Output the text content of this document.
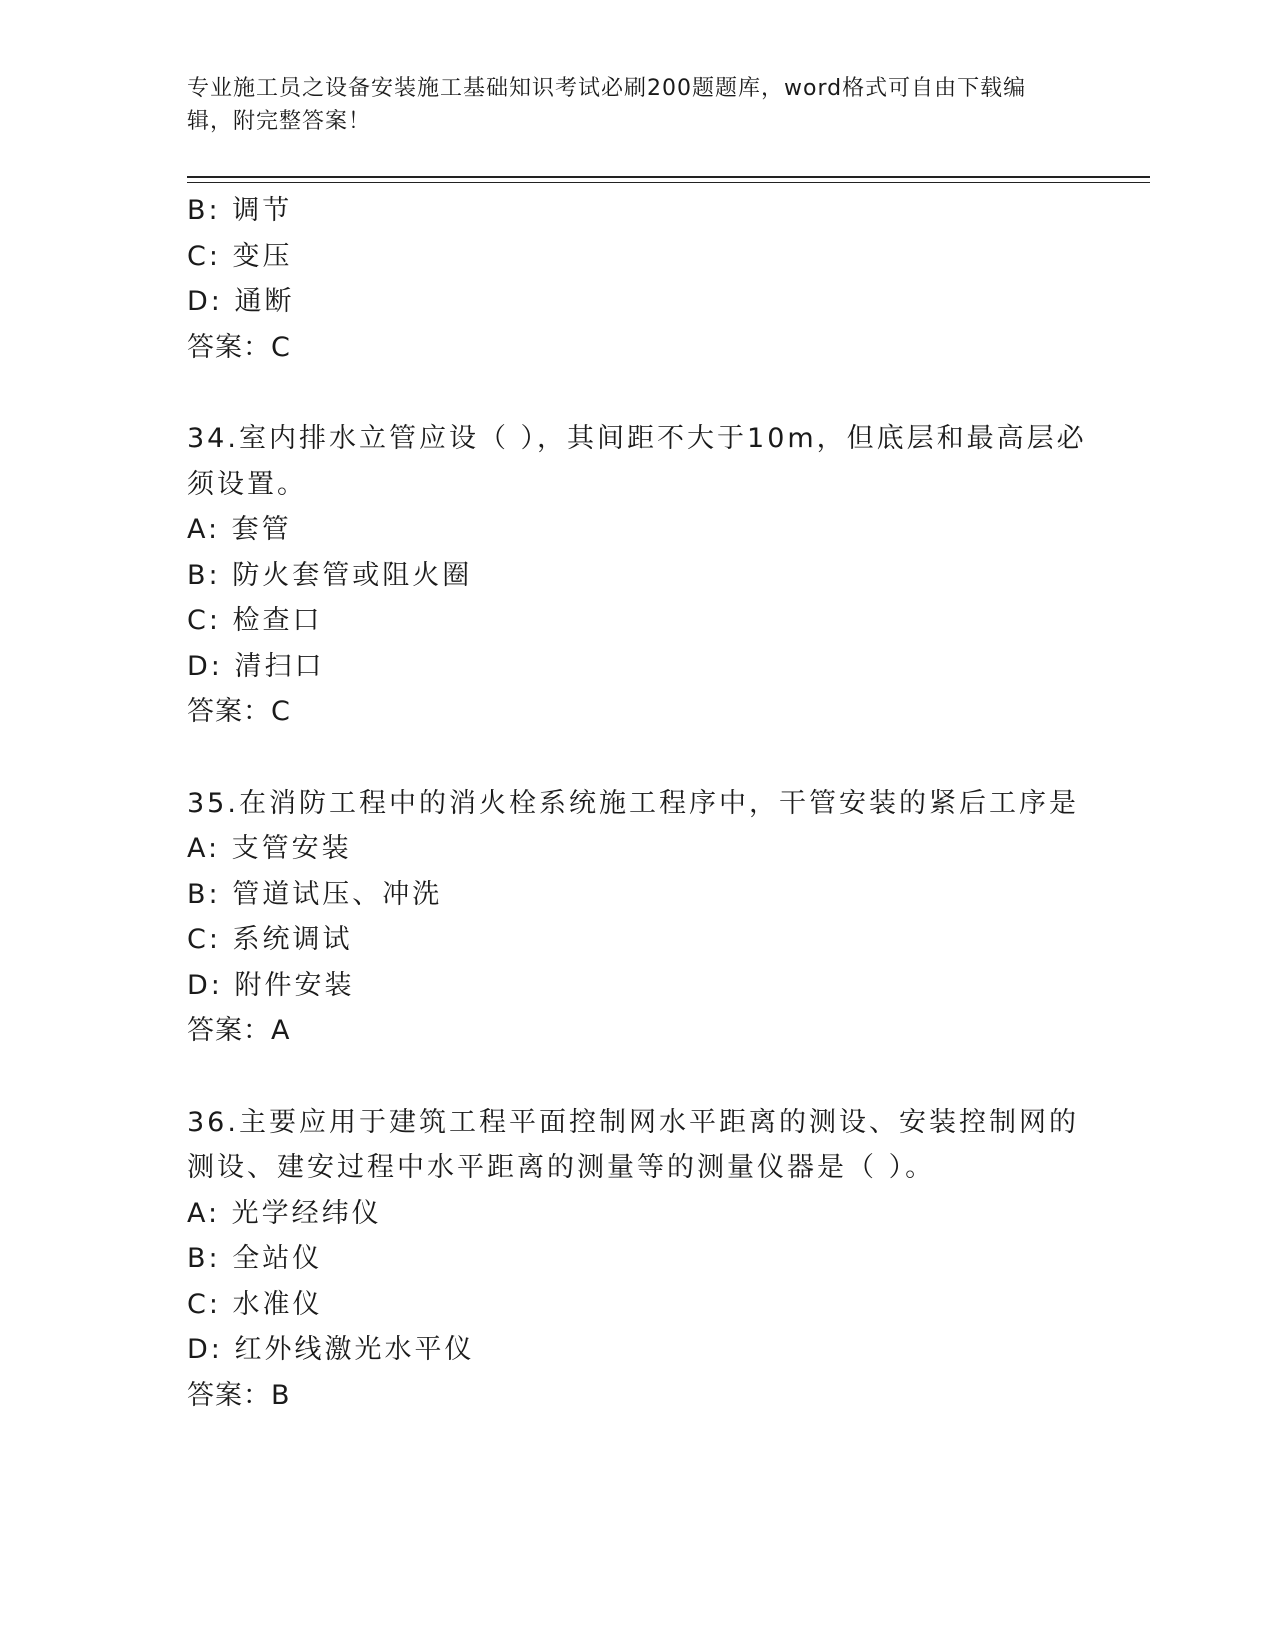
专业施工员之设备安装施工基础知识考试必刷200题题库，word格式可自由下载编辑，附完整答案！
B: 调节
C: 变压
D: 通断
答案：C
34.室内排水立管应设（ ），其间距不大于10m，但底层和最高层必须设置。
A: 套管
B: 防火套管或阻火圈
C: 检查口
D: 清扫口
答案：C
35.在消防工程中的消火栓系统施工程序中，干管安装的紧后工序是
A: 支管安装
B: 管道试压、冲洗
C: 系统调试
D: 附件安装
答案：A
36.主要应用于建筑工程平面控制网水平距离的测设、安装控制网的测设、建安过程中水平距离的测量等的测量仪器是（ ）。
A: 光学经纬仪
B: 全站仪
C: 水准仪
D: 红外线激光水平仪
答案：B
